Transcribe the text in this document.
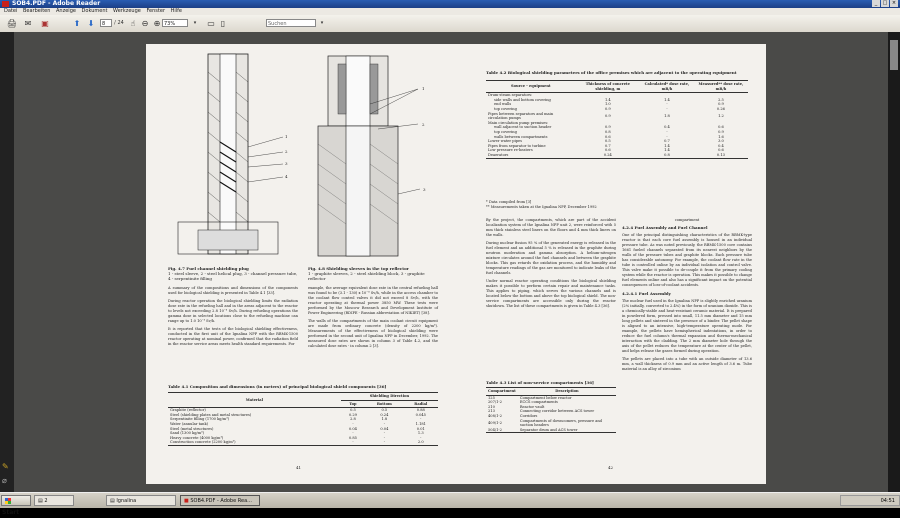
SOB4.PDF - Adobe Reader	_	□ ×
Datei Bearbeiten Anzeige Dokument Werkzeuge Fenster Hilfe
🖨 ✉	▣	⬆ ⬇	8	/ 24 ☝ ⊖ ⊕ 73%	▾	▭ ▯	Suchen	▾
1
2
3
4
1
2
3
Fig. 4.7 Fuel channel shielding plug
1 - steel sleeve, 2 - steel helical plug, 3 - channel pressure tube, 4 - serpentinite filling
Fig. 4.8 Shielding sleeves in the top reflector
1 - graphite sleeves, 2 - steel shielding block, 3 - graphite reflector

A summary of the compositions and dimensions of the components used for biological shielding is presented in Table 4.1 [33].

During reactor operation the biological shielding limits the radiation dose rate in the refueling hall and in the areas adjacent to the reactor to levels not exceeding 2.8 10⁻³ Sv/h. During refueling operations the gamma dose in selected locations close to the refueling machine can range up to 1.0 10⁻³ Sv/h.

It is reported that the tests of the biological shielding effectiveness, conducted in the first unit of the Ignalina NPP with the RBMK-1500 reactor operating at nominal power, confirmed that the radiation field in the reactor service areas meets health standard requirements. For

example, the average equivalent dose rate in the central refueling hall was found to be (3.1 - 130) x 10⁻⁶ Sv/h, while in the access chamber to the coolant flow control valves it did not exceed 8 Sv/h, with the reactor operating at thermal power 3850 MW. These tests were performed by the Moscow Research and Development Institute of Power Engineering (RDIPE - Russian abbreviation of NIKIET) [38].

The walls of the compartments of the main coolant circuit equipment are made from ordinary concrete (density of 2200 kg/m³). Measurements of the effectiveness of biological shielding were performed in the second unit of Ignalina NPP in December, 1992. The measured dose rates are shown in column 3 of Table 4.2, and the calculated dose rates - in column 2 [3].

Table 4.1 Composition and dimensions (in meters) of principal biological shield components [36]
Material	Shielding Direction		
	Top	Bottom	Radial
Graphite (reflector)	0.5	0.5	0.88
Steel (shielding plates and metal structures)	0.29	0.24	0.045
Serpentinite filling (1700 kg/m³)	2.8	1.8	-
Water (annular tank)	-	-	1.181
Steel (metal structures)	0.04	0.04	0.01
Sand (1300 kg/m³)	-	-	1.3
Heavy concrete (4000 kg/m³)	0.85	-	-
Construction concrete (2200 kg/m³)	-	-	2.0
41
Table 4.2 Biological shielding parameters of the office premises which are adjacent to the operating equipment
Source - equipment	Thickness of concrete shielding, m	Calculated* dose rate, mR/h	Measured** dose rate, mR/h
Drum-steam separators:			
side walls and bottom covering	1.4	1.4	2.5
end walls	1.0	-	0.9
top covering	0.9	-	0.26
Pipes between separators and main circulation pumps	0.9	1.8	1.2
Main circulation pump premises:			
wall adjacent to suction header	0.9	0.4	0.6
top covering	0.8	-	0.9
walls between compartments	0.6	-	1.6
Lower water pipes	0.5	0.7	3.0
Pipes from separator to turbine	0.7	1.4	0.4
Low pressure re-heaters	0.6	1.4	0.6
Deaerators	0.24	0.8	0.13
* Data compiled from [3]
** Measurements taken at the Ignalina NPP, December 1992

By the project, the compartments, which are part of the accident localization system of the Ignalina NPP unit 2, were reinforced with 5 mm thick stainless steel liners on the floors and 4 mm thick liners on the walls.

During nuclear fission 95 % of the generated energy is released in the fuel element and an additional 5 % is released in the graphite during neutron moderation and gamma absorption. A helium-nitrogen mixture circulates around the fuel channels and between the graphite blocks. This gas retards the oxidation process, and the humidity and temperature readings of the gas are monitored to indicate leaks of the fuel channels.

Under normal reactor operating conditions the biological shielding makes it possible to perform certain repair and maintenance tasks. This applies to piping, which serves the various channels and is located below the bottom and above the top biological shield. The non-service compartments are accessible only during the reactor shutdown. The list of these compartments is given in Table 4.3 [36].

Table 4.3 List of non-service compartments [36]
Compartment	Description
125	Compartment below reactor
207/1-2	ECCS compartments
210	Reactor vault
213	Connecting corridor between ACS tower
408/1-2	Corridors
409/1-2	Compartments of downcomers, pressure and suction headers
504/1-2	Separator drum and ACS tower
compartment
4.2.4 Fuel Assembly and Fuel Channel

One of the principal distinguishing characteristics of the RBMK-type reactor is that each core fuel assembly is housed in an individual pressure tube. As was noted previously, the RBMK-1500 core contains 1661 fueled channels separated from its nearest neighbors by the walls of the pressure tubes and graphite blocks. Each pressure tube has considerable autonomy. For example, the coolant flow rate in the tube is controlled online by an individual isolation and control valve. This valve make it possible to de-couple it from the primary cooling system while the reactor is operation. This makes it possible to change fuel elements online and also has a significant impact on the potential consequences of loss-of-coolant accidents.

4.2.4.1 Fuel Assembly

The nuclear fuel used in the Ignalina NPP is slightly enriched uranium (2% initially, converted to 2.4%) in the form of uranium dioxide. This is a chemically-stable and heat-resistant ceramic material. It is prepared in powdered form, pressed into small, 11.5 mm diameter and 15 mm long pellets and sintered in the presence of a binder. The pellet shape is aligned to an intensive, high-temperature operating mode. For example, the pellets have hemispherical indentations, in order to reduce the fuel column's thermal expansion and thermo-mechanical interaction with the cladding. The 2 mm diameter hole through the axis of the pellet reduces the temperature at the center of the pellet, and helps release the gases formed during operation.

The pellets are placed into a tube with an outside diameter of 13.6 mm, a wall thickness of 0.9 mm and an active length of 3.6 m. Tube material is an alloy of zirconium

42
✎
⌀
Start
▤ 2	▤ Ignalina	■ SOB4.PDF - Adobe Rea...	04:51
